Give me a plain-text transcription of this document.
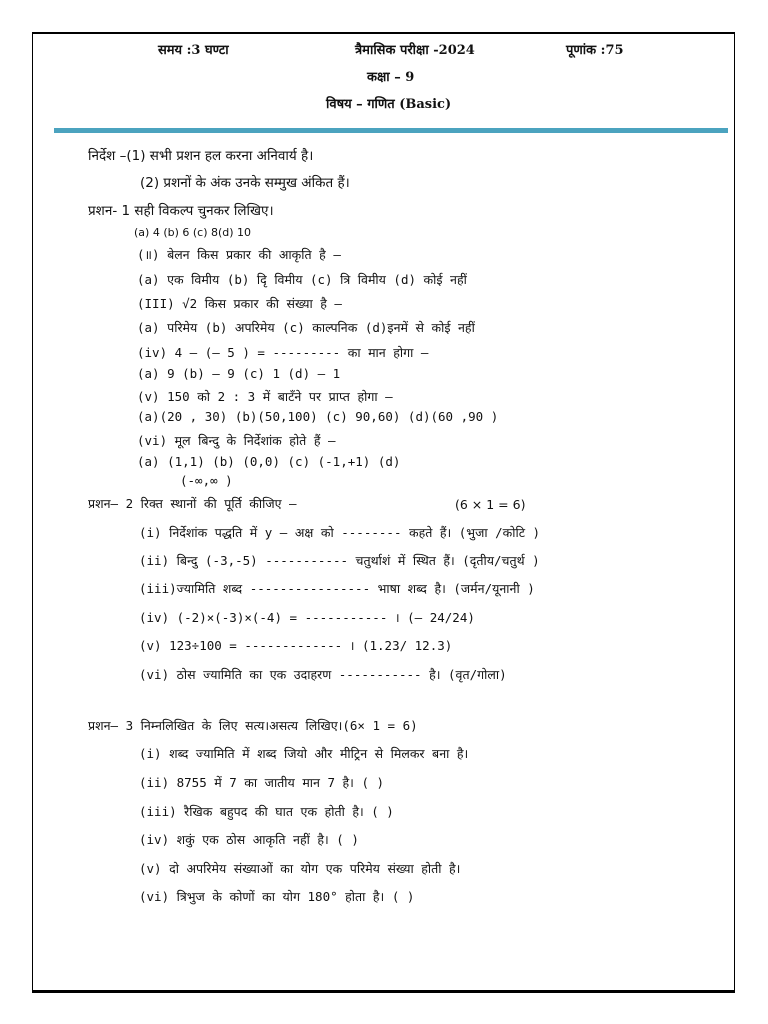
समय :3 घण्टा	त्रैमासिक परीक्षा -2024	पूणांक :75
कक्षा – 9
विषय – गणित (Basic)
निर्देश –(1) सभी प्रशन हल करना अनिवार्य है।
(2) प्रशनों के अंक उनके सम्मुख अंकित हैं।
प्रशन- 1 सही विकल्प चुनकर लिखिए।
(a) 4 (b) 6 (c) 8(d) 10
(॥) बेलन किस प्रकार की आकृति है –
(a) एक विमीय (b) दृि विमीय (c) त्रि विमीय (d) कोई नहीं
(III) √2 किस प्रकार की संख्या है –
(a) परिमेय (b) अपरिमेय (c) काल्पनिक (d)इनमें से कोई नहीं
(iv) 4 – (– 5 ) = --------- का मान होगा –
(a) 9 (b) – 9 (c) 1 (d) – 1
(v) 150 को 2 : 3 में बाटँने पर प्राप्त होगा –
(a)(20 , 30) (b)(50,100) (c) 90,60) (d)(60 ,90 )
(vi) मूल बिन्दु के निर्देशांक होते हैं –
(a) (1,1) (b) (0,0) (c) (-1,+1) (d)
(-∞,∞ )
प्रशन– 2 रिक्त स्थानों की पूर्ति कीजिए –	(6 × 1 = 6)
(i) निर्देशांक पद्धति में y – अक्ष को -------- कहते हैं। (भुजा /कोटि )
(ii) बिन्दु (-3,-5) ----------- चतुर्थाशं में स्थित हैं। (दृतीय/चतुर्थ )
(iii)ज्यामिति शब्द ---------------- भाषा शब्द है। (जर्मन/यूनानी )
(iv) (-2)×(-3)×(-4) = ----------- । (– 24/24)
(v) 123÷100 = ------------- । (1.23/ 12.3)
(vi) ठोस ज्यामिति का एक उदाहरण ----------- है। (वृत/गोला)
प्रशन– 3 निम्नलिखित के लिए सत्य।असत्य लिखिए।(6× 1 = 6)
(i) शब्द ज्यामिति में शब्द जियो और मीट्रिन से मिलकर बना है।
(ii) 8755 में 7 का जातीय मान 7 है। ( )
(iii) रैखिक बहुपद की घात एक होती है। ( )
(iv) शकुं एक ठोस आकृति नहीं है। ( )
(v) दो अपरिमेय संख्याओं का योग एक परिमेय संख्या होती है।
(vi) त्रिभुज के कोणों का योग 180° होता है। ( )
